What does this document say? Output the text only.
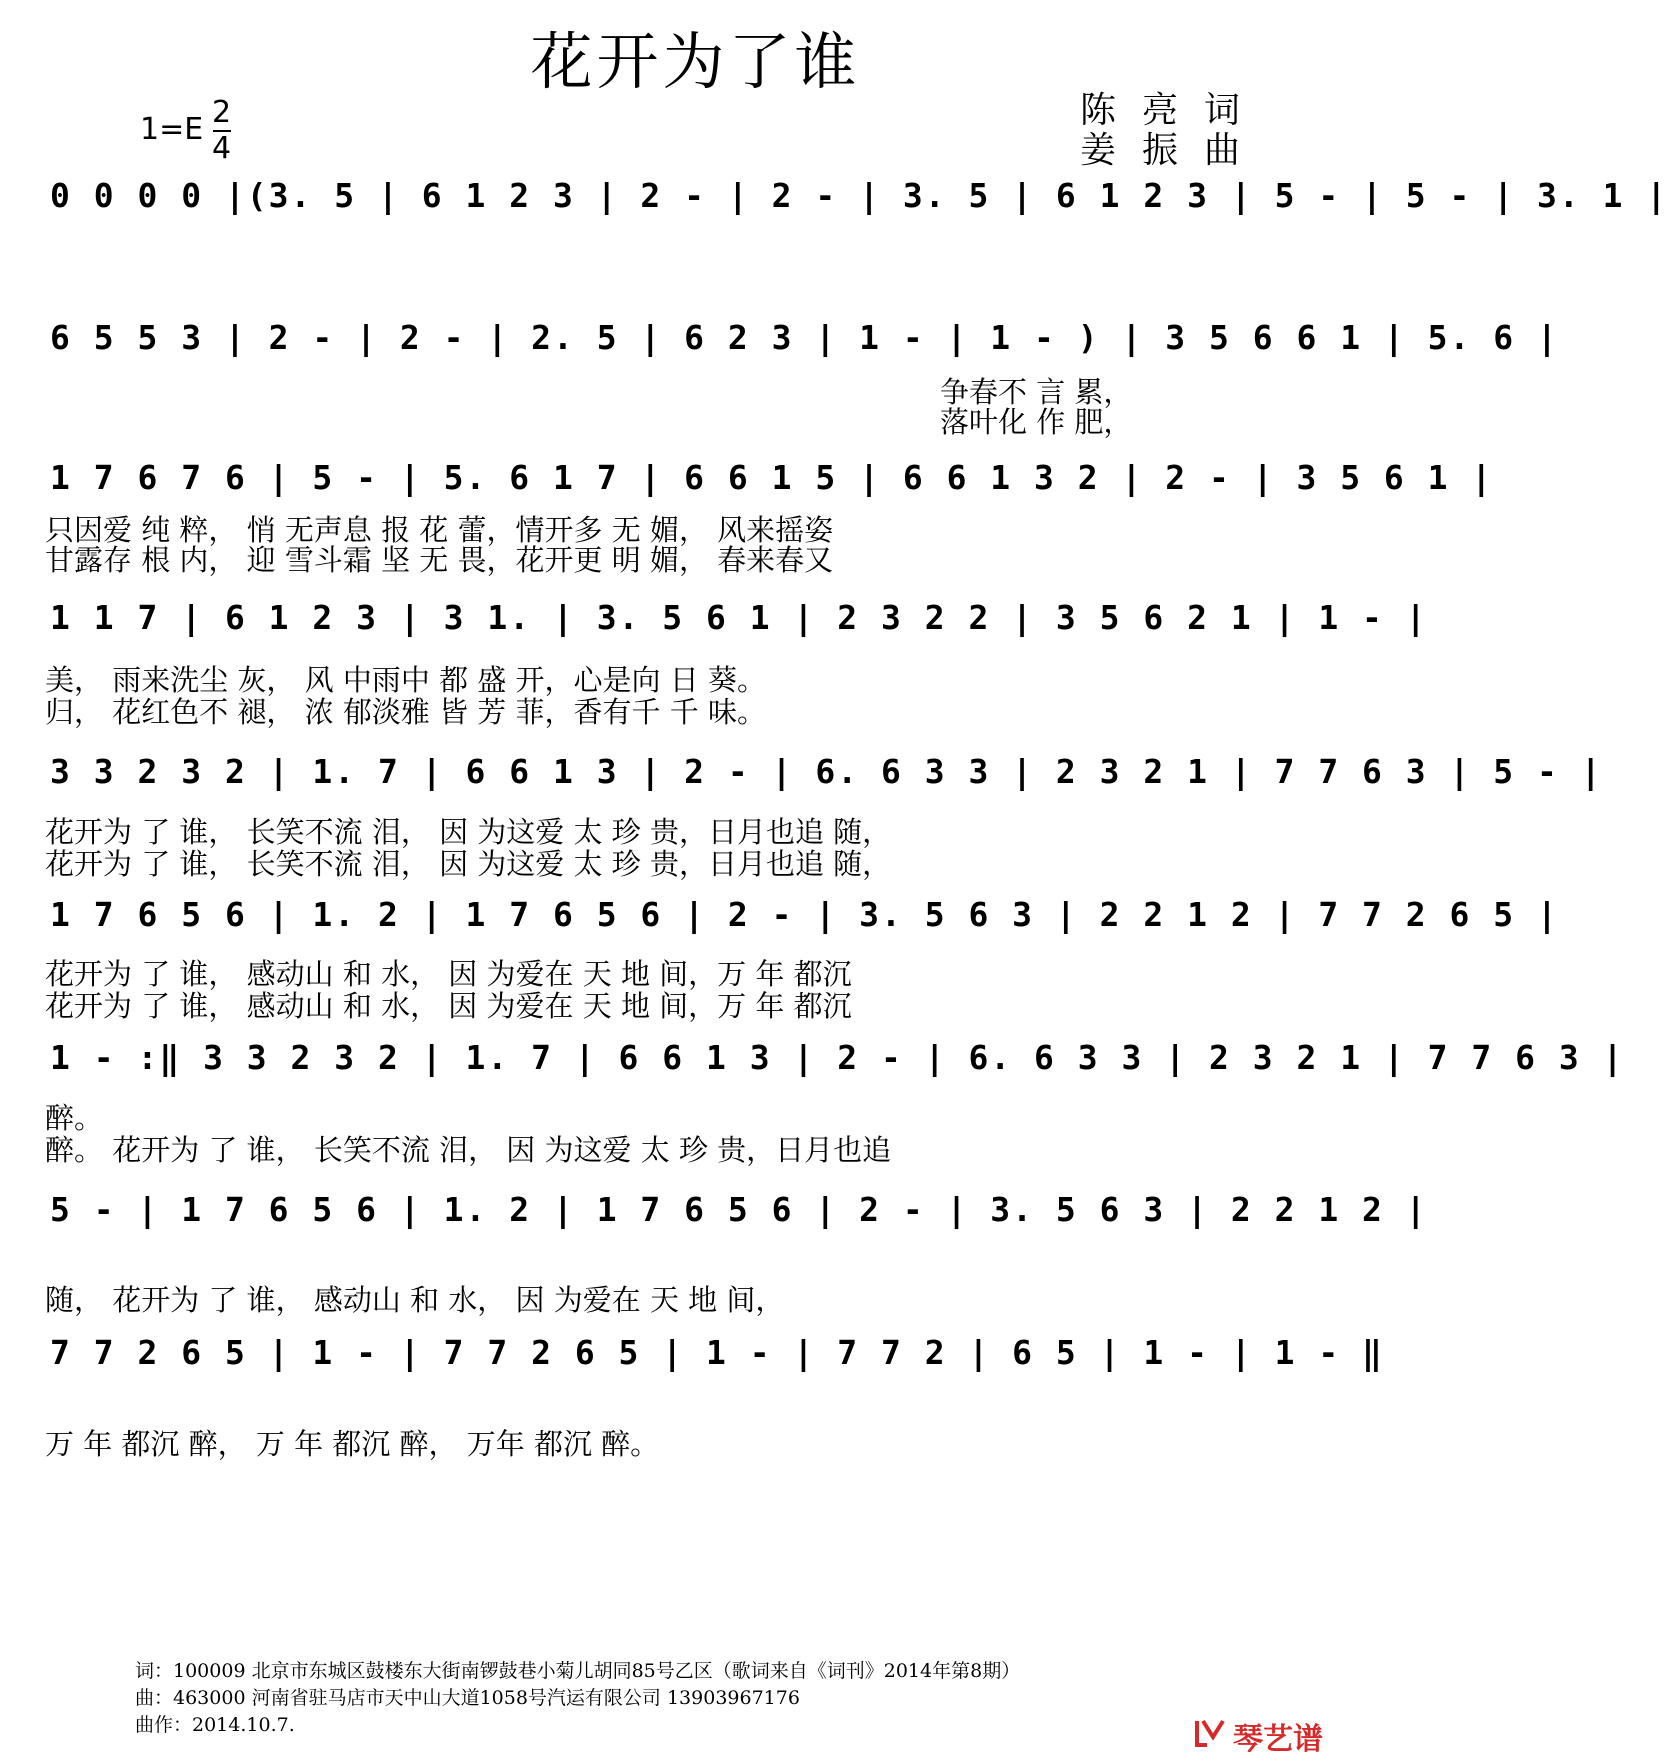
花开为了谁
1=E 2
4
陈亮词
姜振曲
0 0 0 0 |(3. 5 | 6 1 2 3 | 2 - | 2 - | 3. 5 | 6 1 2 3 | 5 - | 5 - | 3. 1 |
6 5 5 3 | 2 - | 2 - | 2. 5 | 6 2 3 | 1 - | 1 - ) | 3 5 6 6 1 | 5. 6 |
争春不 言 累，
落叶化 作 肥，
1 7 6 7 6 | 5 - | 5. 6 1 7 | 6 6 1 5 | 6 6 1 3 2 | 2 - | 3 5 6 1 |
只因爱 纯 粹， 悄 无声息 报 花 蕾，情开多 无 媚， 风来摇姿
甘露存 根 内， 迎 雪斗霜 坚 无 畏，花开更 明 媚， 春来春又
1 1 7 | 6 1 2 3 | 3 1. | 3. 5 6 1 | 2 3 2 2 | 3 5 6 2 1 | 1 - |
美， 雨来洗尘 灰， 风 中雨中 都 盛 开，心是向 日 葵。
归， 花红色不 褪， 浓 郁淡雅 皆 芳 菲，香有千 千 味。
3 3 2 3 2 | 1. 7 | 6 6 1 3 | 2 - | 6. 6 3 3 | 2 3 2 1 | 7 7 6 3 | 5 - |
花开为 了 谁， 长笑不流 泪， 因 为这爱 太 珍 贵，日月也追 随，
花开为 了 谁， 长笑不流 泪， 因 为这爱 太 珍 贵，日月也追 随，
1 7 6 5 6 | 1. 2 | 1 7 6 5 6 | 2 - | 3. 5 6 3 | 2 2 1 2 | 7 7 2 6 5 |
花开为 了 谁， 感动山 和 水， 因 为爱在 天 地 间，万 年 都沉
花开为 了 谁， 感动山 和 水， 因 为爱在 天 地 间，万 年 都沉
1 - :‖ 3 3 2 3 2 | 1. 7 | 6 6 1 3 | 2 - | 6. 6 3 3 | 2 3 2 1 | 7 7 6 3 |
醉。
醉。 花开为 了 谁， 长笑不流 泪， 因 为这爱 太 珍 贵，日月也追
5 - | 1 7 6 5 6 | 1. 2 | 1 7 6 5 6 | 2 - | 3. 5 6 3 | 2 2 1 2 |
随， 花开为 了 谁， 感动山 和 水， 因 为爱在 天 地 间，
7 7 2 6 5 | 1 - | 7 7 2 6 5 | 1 - | 7 7 2 | 6 5 | 1 - | 1 - ‖
万 年 都沉 醉， 万 年 都沉 醉， 万年 都沉 醉。
词：100009 北京市东城区鼓楼东大街南锣鼓巷小菊儿胡同85号乙区（歌词来自《词刊》2014年第8期）
曲：463000 河南省驻马店市天中山大道1058号汽运有限公司 13903967176
曲作：2014.10.7.	琴艺谱
